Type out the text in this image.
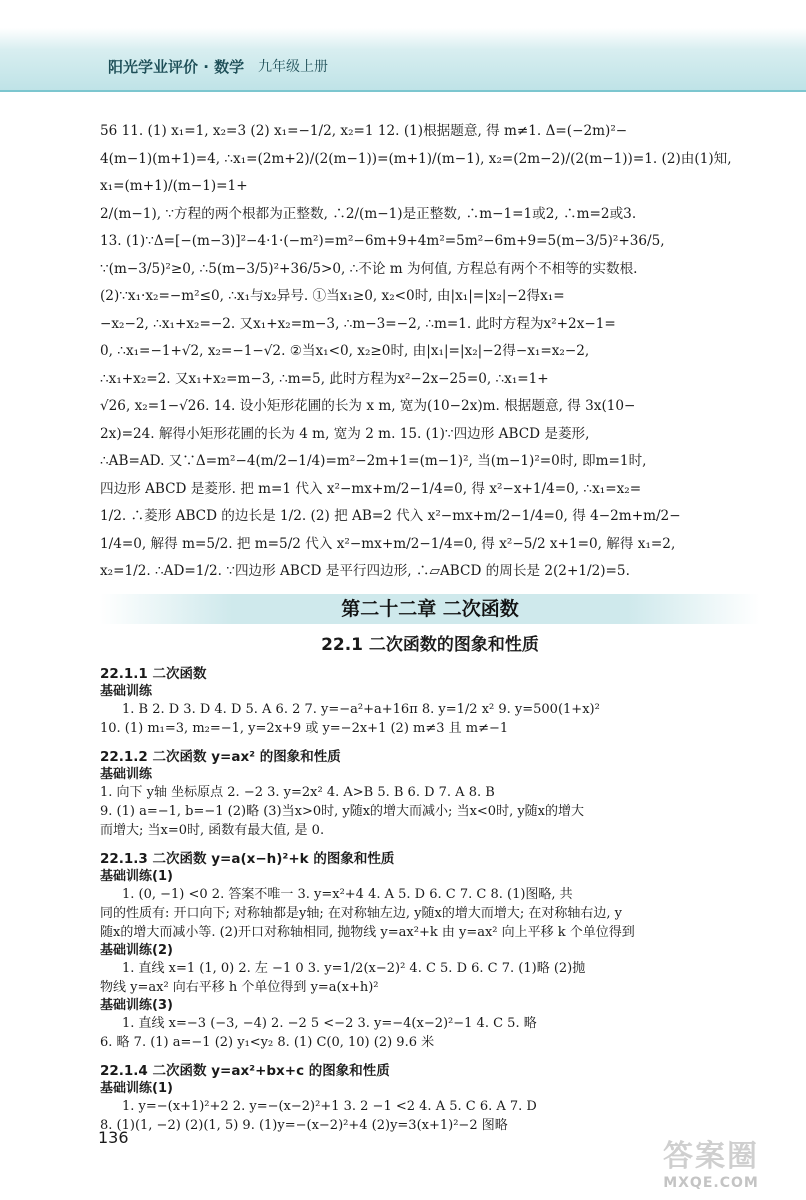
阳光学业评价 · 数学 九年级上册

56 11. (1) x₁=1, x₂=3 (2) x₁=−1/2, x₂=1 12. (1)根据题意, 得 m≠1. Δ=(−2m)²−

4(m−1)(m+1)=4, ∴x₁=(2m+2)/(2(m−1))=(m+1)/(m−1), x₂=(2m−2)/(2(m−1))=1. (2)由(1)知, x₁=(m+1)/(m−1)=1+

2/(m−1), ∵方程的两个根都为正整数, ∴2/(m−1)是正整数, ∴m−1=1或2, ∴m=2或3.

13. (1)∵Δ=[−(m−3)]²−4·1·(−m²)=m²−6m+9+4m²=5m²−6m+9=5(m−3/5)²+36/5,

∵(m−3/5)²≥0, ∴5(m−3/5)²+36/5>0, ∴不论 m 为何值, 方程总有两个不相等的实数根.

(2)∵x₁·x₂=−m²≤0, ∴x₁与x₂异号. ①当x₁≥0, x₂<0时, 由|x₁|=|x₂|−2得x₁=

−x₂−2, ∴x₁+x₂=−2. 又x₁+x₂=m−3, ∴m−3=−2, ∴m=1. 此时方程为x²+2x−1=

0, ∴x₁=−1+√2, x₂=−1−√2. ②当x₁<0, x₂≥0时, 由|x₁|=|x₂|−2得−x₁=x₂−2,

∴x₁+x₂=2. 又x₁+x₂=m−3, ∴m=5, 此时方程为x²−2x−25=0, ∴x₁=1+

√26, x₂=1−√26. 14. 设小矩形花圃的长为 x m, 宽为(10−2x)m. 根据题意, 得 3x(10−

2x)=24. 解得小矩形花圃的长为 4 m, 宽为 2 m. 15. (1)∵四边形 ABCD 是菱形,

∴AB=AD. 又∵Δ=m²−4(m/2−1/4)=m²−2m+1=(m−1)², 当(m−1)²=0时, 即m=1时,

四边形 ABCD 是菱形. 把 m=1 代入 x²−mx+m/2−1/4=0, 得 x²−x+1/4=0, ∴x₁=x₂=

1/2. ∴菱形 ABCD 的边长是 1/2. (2) 把 AB=2 代入 x²−mx+m/2−1/4=0, 得 4−2m+m/2−

1/4=0, 解得 m=5/2. 把 m=5/2 代入 x²−mx+m/2−1/4=0, 得 x²−5/2 x+1=0, 解得 x₁=2,

x₂=1/2. ∴AD=1/2. ∵四边形 ABCD 是平行四边形, ∴▱ABCD 的周长是 2(2+1/2)=5.

第二十二章 二次函数
22.1 二次函数的图象和性质
22.1.1 二次函数
基础训练

1. B 2. D 3. D 4. D 5. A 6. 2 7. y=−a²+a+16π 8. y=1/2 x² 9. y=500(1+x)²

10. (1) m₁=3, m₂=−1, y=2x+9 或 y=−2x+1 (2) m≠3 且 m≠−1

22.1.2 二次函数 y=ax² 的图象和性质
基础训练

1. 向下 y轴 坐标原点 2. −2 3. y=2x² 4. A>B 5. B 6. D 7. A 8. B

9. (1) a=−1, b=−1 (2)略 (3)当x>0时, y随x的增大而减小; 当x<0时, y随x的增大

而增大; 当x=0时, 函数有最大值, 是 0.

22.1.3 二次函数 y=a(x−h)²+k 的图象和性质
基础训练(1)

1. (0, −1) <0 2. 答案不唯一 3. y=x²+4 4. A 5. D 6. C 7. C 8. (1)图略, 共

同的性质有: 开口向下; 对称轴都是y轴; 在对称轴左边, y随x的增大而增大; 在对称轴右边, y

随x的增大而减小等. (2)开口对称轴相同, 抛物线 y=ax²+k 由 y=ax² 向上平移 k 个单位得到

基础训练(2)

1. 直线 x=1 (1, 0) 2. 左 −1 0 3. y=1/2(x−2)² 4. C 5. D 6. C 7. (1)略 (2)抛

物线 y=ax² 向右平移 h 个单位得到 y=a(x+h)²

基础训练(3)

1. 直线 x=−3 (−3, −4) 2. −2 5 <−2 3. y=−4(x−2)²−1 4. C 5. 略

6. 略 7. (1) a=−1 (2) y₁<y₂ 8. (1) C(0, 10) (2) 9.6 米

22.1.4 二次函数 y=ax²+bx+c 的图象和性质
基础训练(1)

1. y=−(x+1)²+2 2. y=−(x−2)²+1 3. 2 −1 <2 4. A 5. C 6. A 7. D

8. (1)(1, −2) (2)(1, 5) 9. (1)y=−(x−2)²+4 (2)y=3(x+1)²−2 图略

136
答案圈
MXQE.COM
